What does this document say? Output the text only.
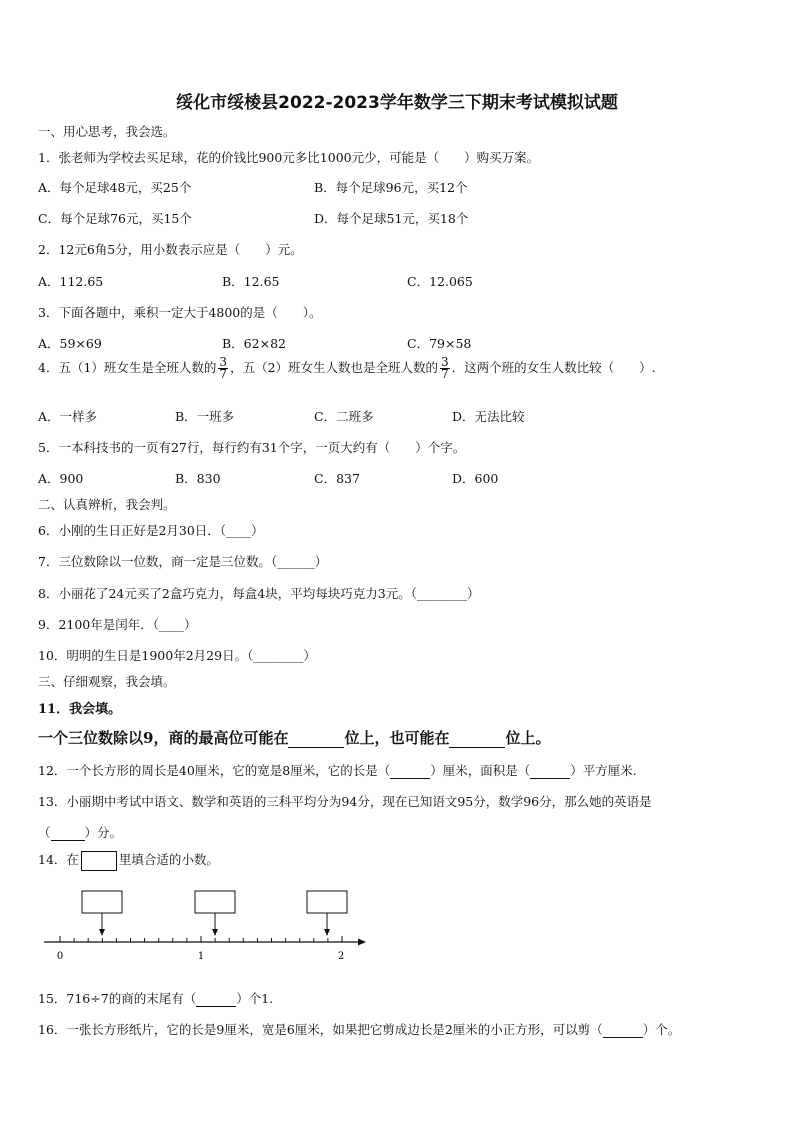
绥化市绥棱县2022-2023学年数学三下期末考试模拟试题
一、用心思考，我会选。
1．张老师为学校去买足球，花的价钱比900元多比1000元少，可能是（　　）购买万案。
A．每个足球48元，买25个	B．每个足球96元，买12个
C．每个足球76元，买15个	D．每个足球51元，买18个
2．12元6角5分，用小数表示应是（　　）元。
A．112.65	B．12.65	C．12.065
3．下面各题中，乘积一定大于4800的是（　　）。
A．59×69	B．62×82	C．79×58
4．五（1）班女生是全班人数的 $\frac{3}{7}$ ，五（2）班女生人数也是全班人数的 $\frac{3}{7}$ ．这两个班的女生人数比较（　　）.
A．一样多	B．一班多	C．二班多	D．无法比较
5．一本科技书的一页有27行，每行约有31个字，一页大约有（　　）个字。
A．900	B．830	C．837	D．600
二、认真辨析，我会判。
6．小刚的生日正好是2月30日．（____）
7．三位数除以一位数，商一定是三位数。（______）
8．小丽花了24元买了2盒巧克力，每盒4块，平均每块巧克力3元。（________）
9．2100年是闰年．（____）
10．明明的生日是1900年2月29日。（________）
三、仔细观察，我会填。
11．我会填。
一个三位数除以9，商的最高位可能在	位上，也可能在	位上。
12．一个长方形的周长是40厘米，它的宽是8厘米，它的长是（	）厘米，面积是（	）平方厘米.
13．小丽期中考试中语文、数学和英语的三科平均分为94分，现在已知语文95分，数学96分，那么她的英语是
（	）分。
14．在	里填合适的小数。
0	1	2
15．716÷7的商的末尾有（	）个1.
16．一张长方形纸片，它的长是9厘米，宽是6厘米，如果把它剪成边长是2厘米的小正方形，可以剪（	）个。
